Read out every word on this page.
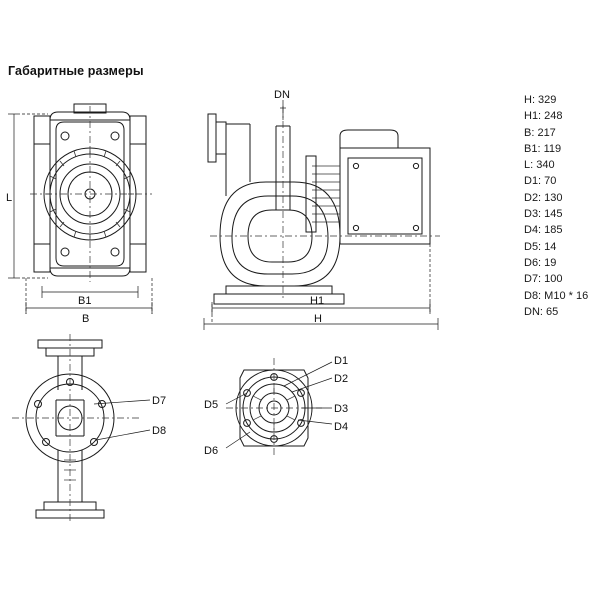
Габаритные размеры
H: 329
H1: 248
B: 217
B1: 119
L: 340
D1: 70
D2: 130
D3: 145
D4: 185
D5: 14
D6: 19
D7: 100
D8: M10 * 16
DN: 65
L
B1
B
DN
H1
H
D7
D8
D1
D2
D3
D4
D5
D6
